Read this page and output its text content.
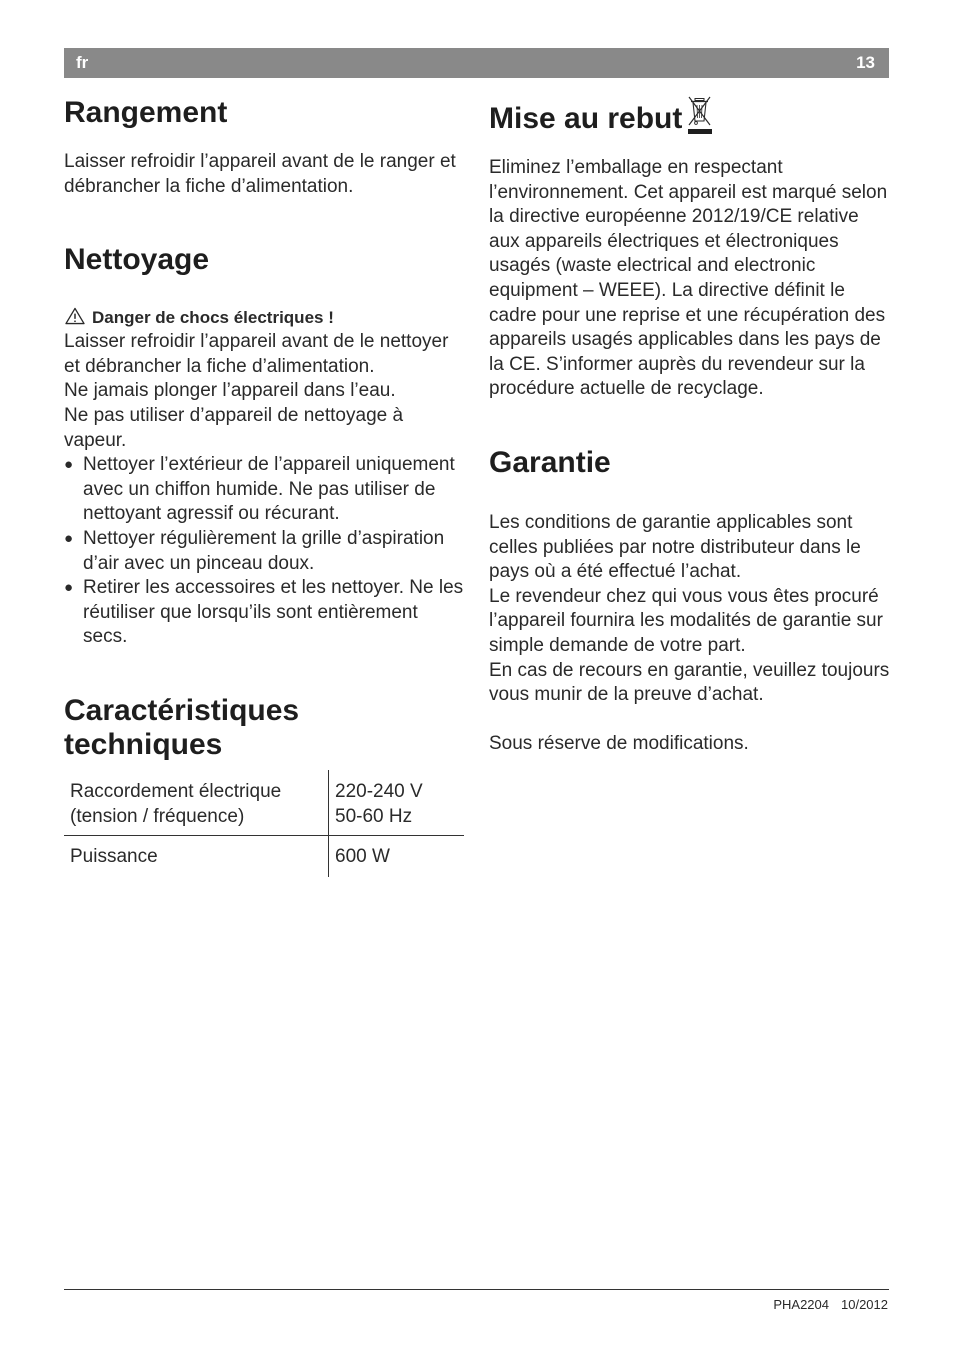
fr	13
Rangement

Laisser refroidir l’appareil avant de le ranger et débrancher la fiche d’alimentation.

Nettoyage
Danger de chocs électriques !

Laisser refroidir l’appareil avant de le nettoyer et débrancher la fiche d’alimentation.

Ne jamais plonger l’appareil dans l’eau.

Ne pas utiliser d’appareil de nettoyage à vapeur.

● Nettoyer l’extérieur de l’appareil uniquement avec un chiffon humide. Ne pas utiliser de nettoyant agressif ou récurant.
● Nettoyer régulièrement la grille d’aspiration d’air avec un pinceau doux.
● Retirer les accessoires et les nettoyer. Ne les réutiliser que lorsqu’ils sont entièrement secs.
Caractéristiques
techniques
Raccordement électrique
(tension / fréquence)	220-240 V
50-60 Hz
Puissance	600 W
Mise au rebut

Eliminez l’emballage en respectant l’environnement. Cet appareil est marqué selon la directive européenne 2012/19/CE relative aux appareils électriques et électroniques usagés (waste electrical and electronic equipment – WEEE). La directive définit le cadre pour une reprise et une récupération des appareils usagés applicables dans les pays de la CE. S’informer auprès du revendeur sur la procédure actuelle de recyclage.

Garantie

Les conditions de garantie applicables sont celles publiées par notre distributeur dans le pays où a été effectué l’achat.

Le revendeur chez qui vous vous êtes procuré l’appareil fournira les modalités de garantie sur simple demande de votre part.

En cas de recours en garantie, veuillez toujours vous munir de la preuve d’achat.

Sous réserve de modifications.

PHA2204 10/2012
